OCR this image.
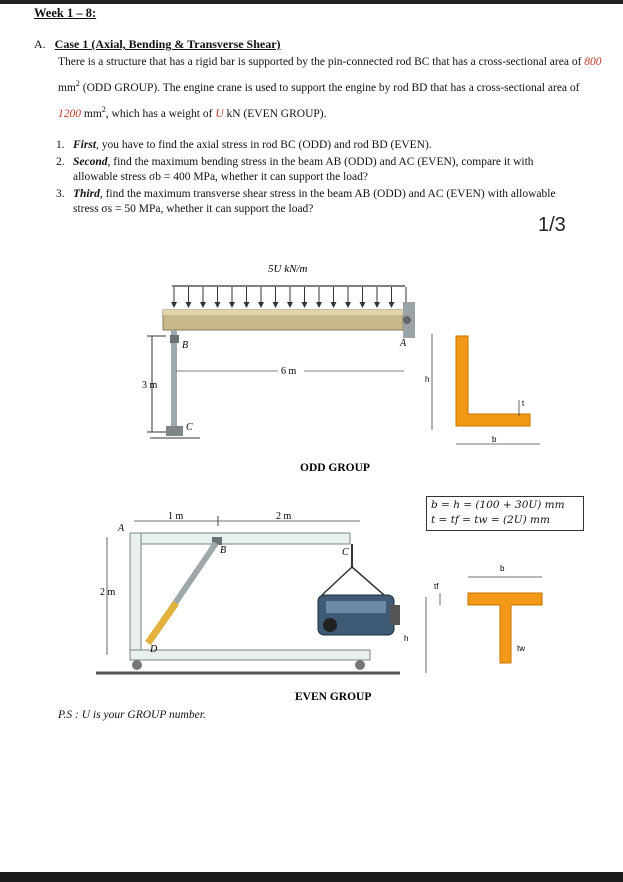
Week 1 – 8:
A. Case 1 (Axial, Bending & Transverse Shear)
There is a structure that has a rigid bar is supported by the pin-connected rod BC that has a cross-sectional area of 800 $mm^2$ (ODD GROUP). The engine crane is used to support the engine by rod BD that has a cross-sectional area of 1200 $mm^2$, which has a weight of U kN (EVEN GROUP).
1. First, you have to find the axial stress in rod BC (ODD) and rod BD (EVEN).
2. Second, find the maximum bending stress in the beam AB (ODD) and AC (EVEN), compare it with allowable stress σb = 400 MPa, whether it can support the load?
3. Third, find the maximum transverse shear stress in the beam AB (ODD) and AC (EVEN) with allowable stress σs = 50 MPa, whether it can support the load?
1/3
5U kN/m
A
B
C
3 m
6 m
h
b
t
ODD GROUP
b = h = (100 + 30U) mm
t = tf = tw = (2U) mm
1 m	2 m
A
B
D
C
2 m
b
tf
h
tw
EVEN GROUP
P.S : U is your GROUP number.
